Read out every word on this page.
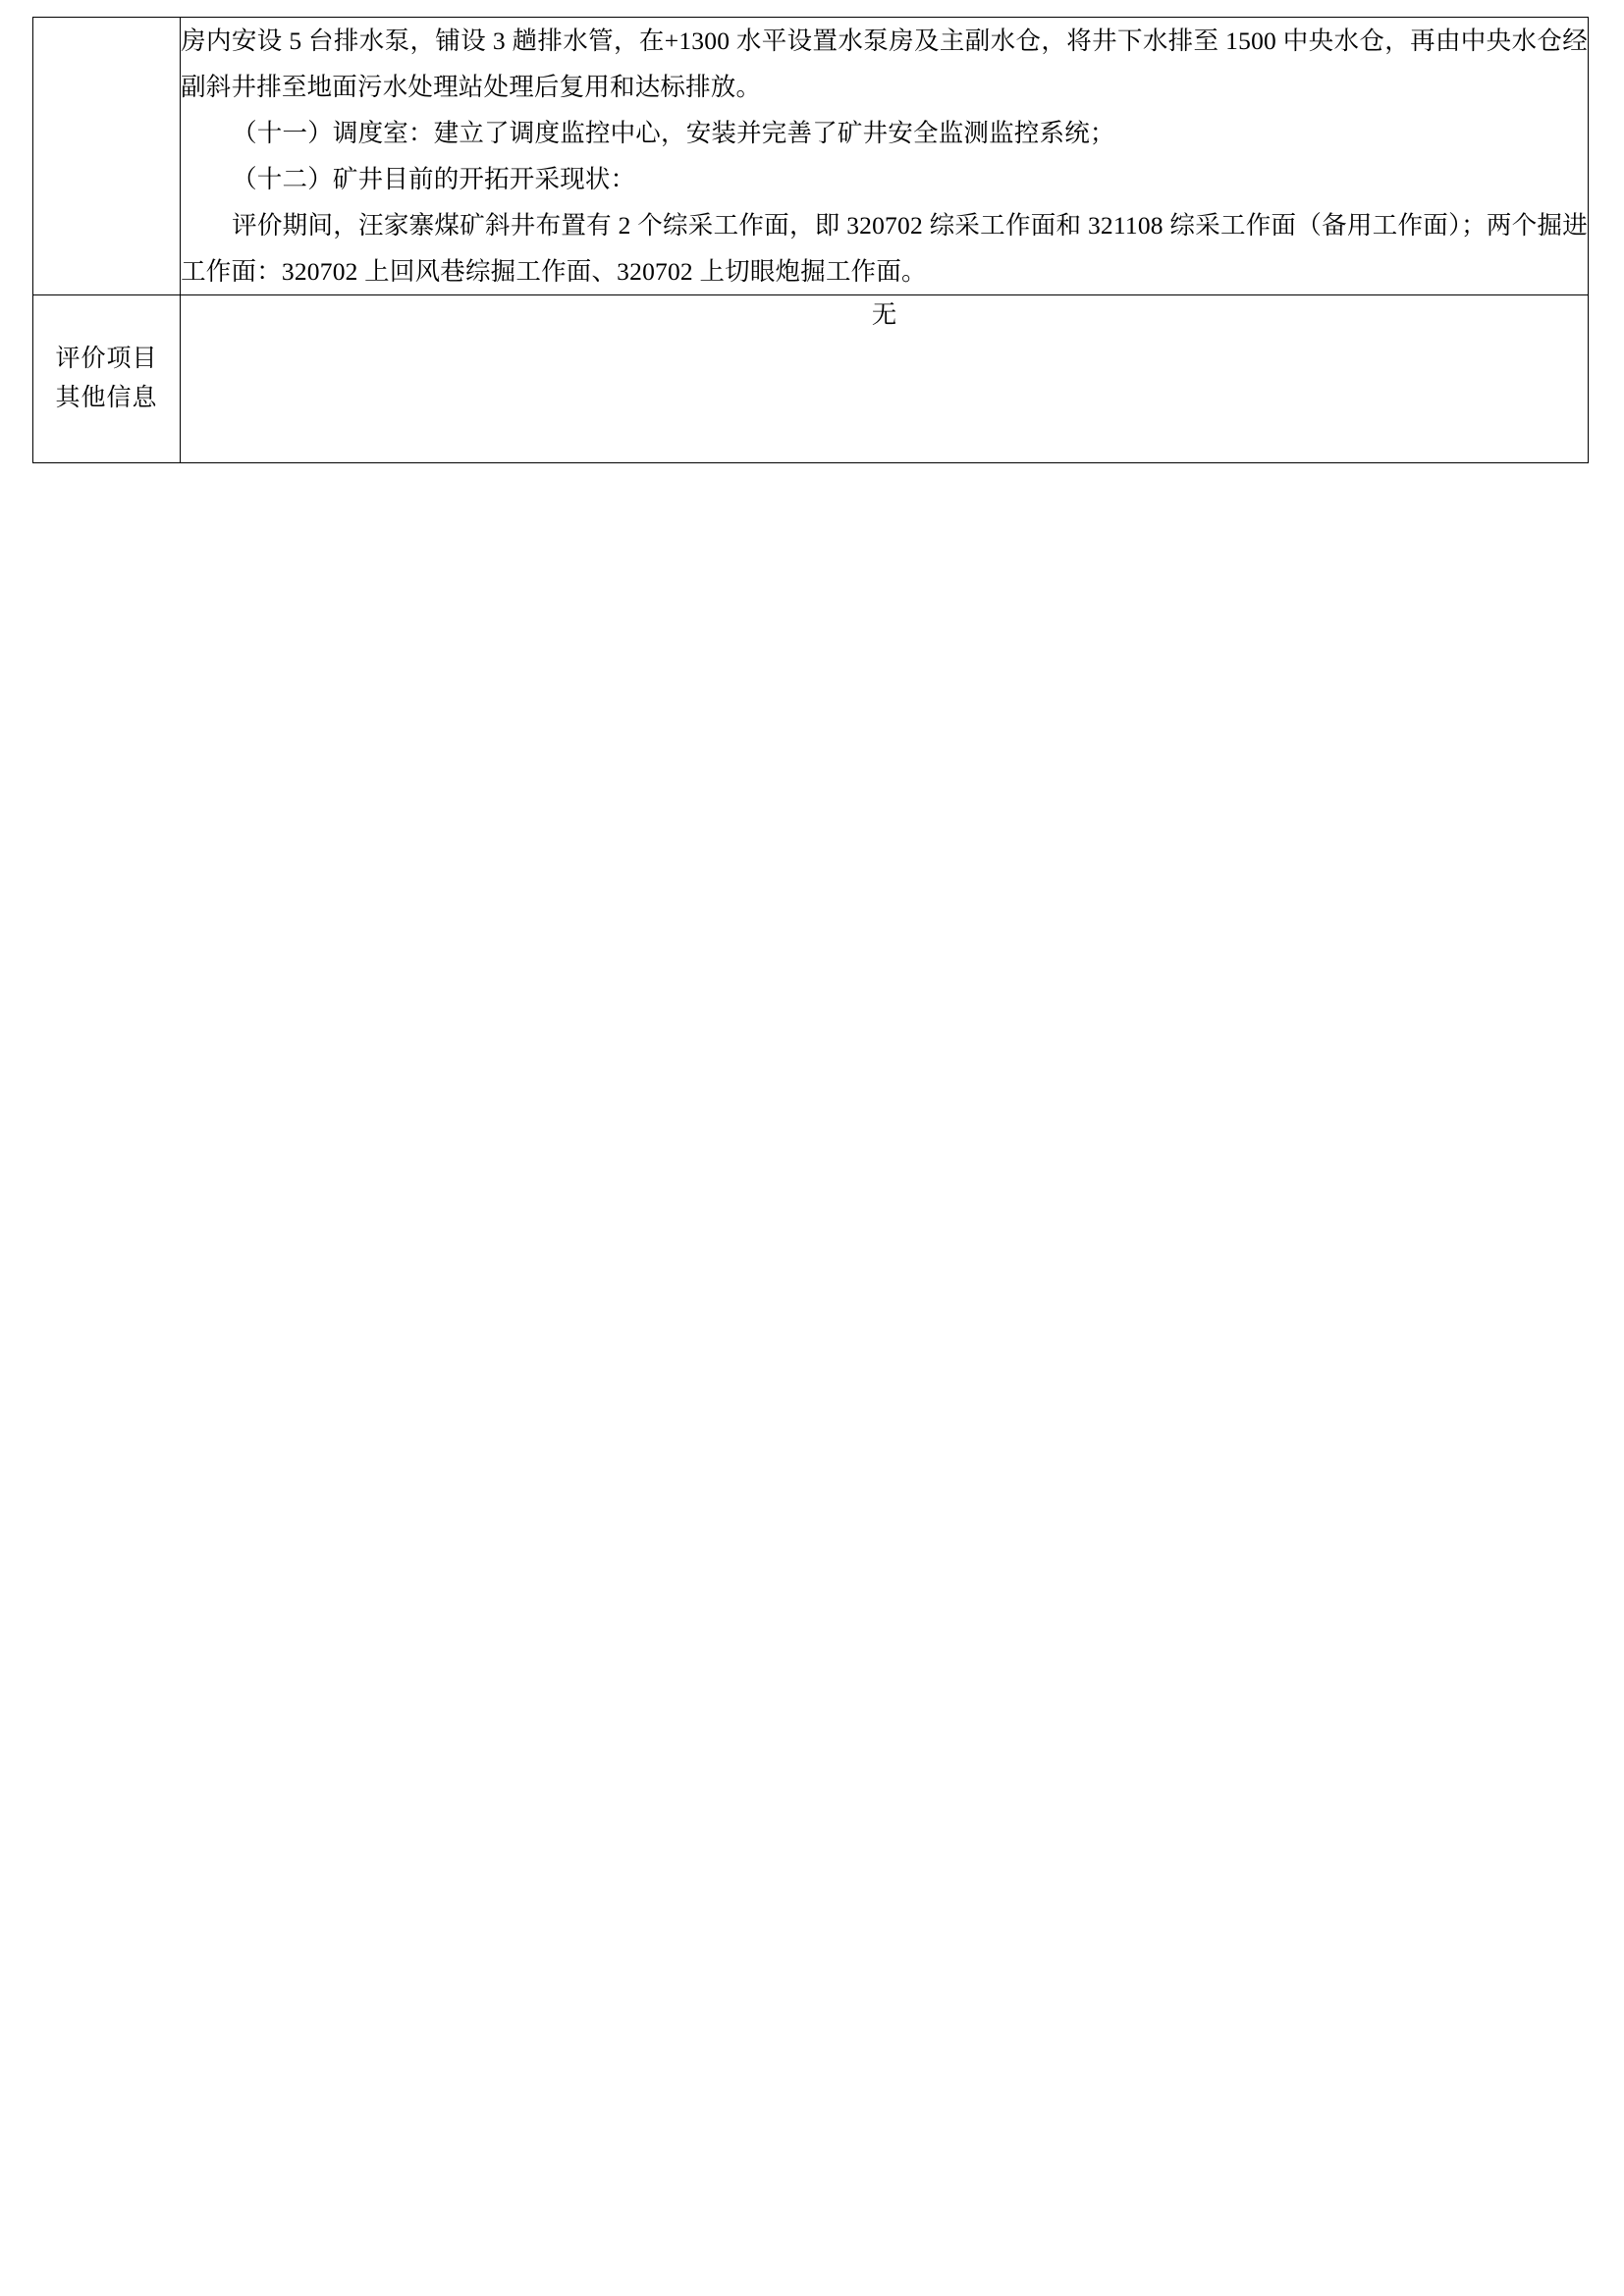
	房内安设 5 台排水泵，铺设 3 趟排水管，在+1300 水平设置水泵房及主副水仓，将井下水排至 1500 中央水仓，再由中央水仓经副斜井排至地面污水处理站处理后复用和达标排放。

（十一）调度室：建立了调度监控中心，安装并完善了矿井安全监测监控系统；

（十二）矿井目前的开拓开采现状：

评价期间，汪家寨煤矿斜井布置有 2 个综采工作面，即 320702 综采工作面和 321108 综采工作面（备用工作面）；两个掘进工作面：320702 上回风巷综掘工作面、320702 上切眼炮掘工作面。

评价项目
其他信息	无
